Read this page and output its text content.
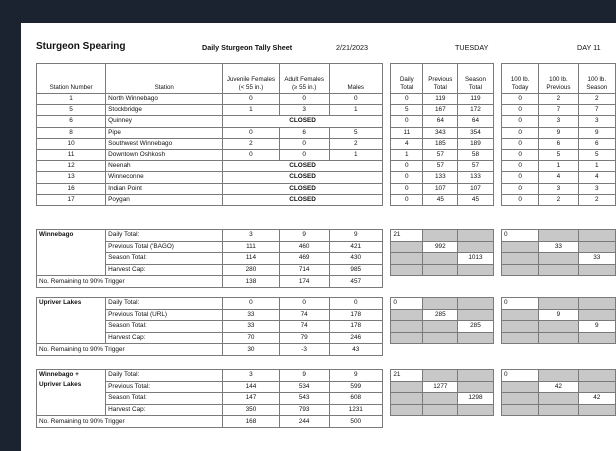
Sturgeon Spearing	Daily Sturgeon Tally Sheet	2/21/2023	TUESDAY	DAY 11
Station Number	Station	Juvenile Females (< 55 in.)	Adult Females (≥ 55 in.)	Males		Daily Total	Previous Total	Season Total		100 lb. Today	100 lb. Previous	100 lb. Season
1	North Winnebago	0	0	0		0	119	119		0	2	2
5	Stockbridge	1	3	1		5	167	172		0	7	7
6	Quinney	CLOSED				0	64	64		0	3	3
8	Pipe	0	6	5		11	343	354		0	9	9
10	Southwest Winnebago	2	0	2		4	185	189		0	6	6
11	Downtown Oshkosh	0	0	1		1	57	58		0	5	5
12	Neenah	CLOSED				0	57	57		0	1	1
13	Winneconne	CLOSED				0	133	133		0	4	4
16	Indian Point	CLOSED				0	107	107		0	3	3
17	Poygan	CLOSED				0	45	45		0	2	2
Winnebago	Daily Total:	3	9	9		21				0		
	Previous Total ('BAGO)	111	460	421			992				33	
	Season Total:	114	469	430				1013				33
	Harvest Cap:	280	714	985								
No. Remaining to 90% Trigger		138	174	457								
Upriver Lakes	Daily Total:	0	0	0		0				0		
	Previous Total (URL)	33	74	178			285				9	
	Season Total:	33	74	178				285				9
	Harvest Cap:	70	79	246								
No. Remaining to 90% Trigger		30	-3	43								
Winnebago +
Upriver Lakes	Daily Total:	3	9	9		21				0		
	Previous Total:	144	534	599			1277				42	
	Season Total:	147	543	608				1298				42
	Harvest Cap:	350	793	1231								
No. Remaining to 90% Trigger		168	244	500								
